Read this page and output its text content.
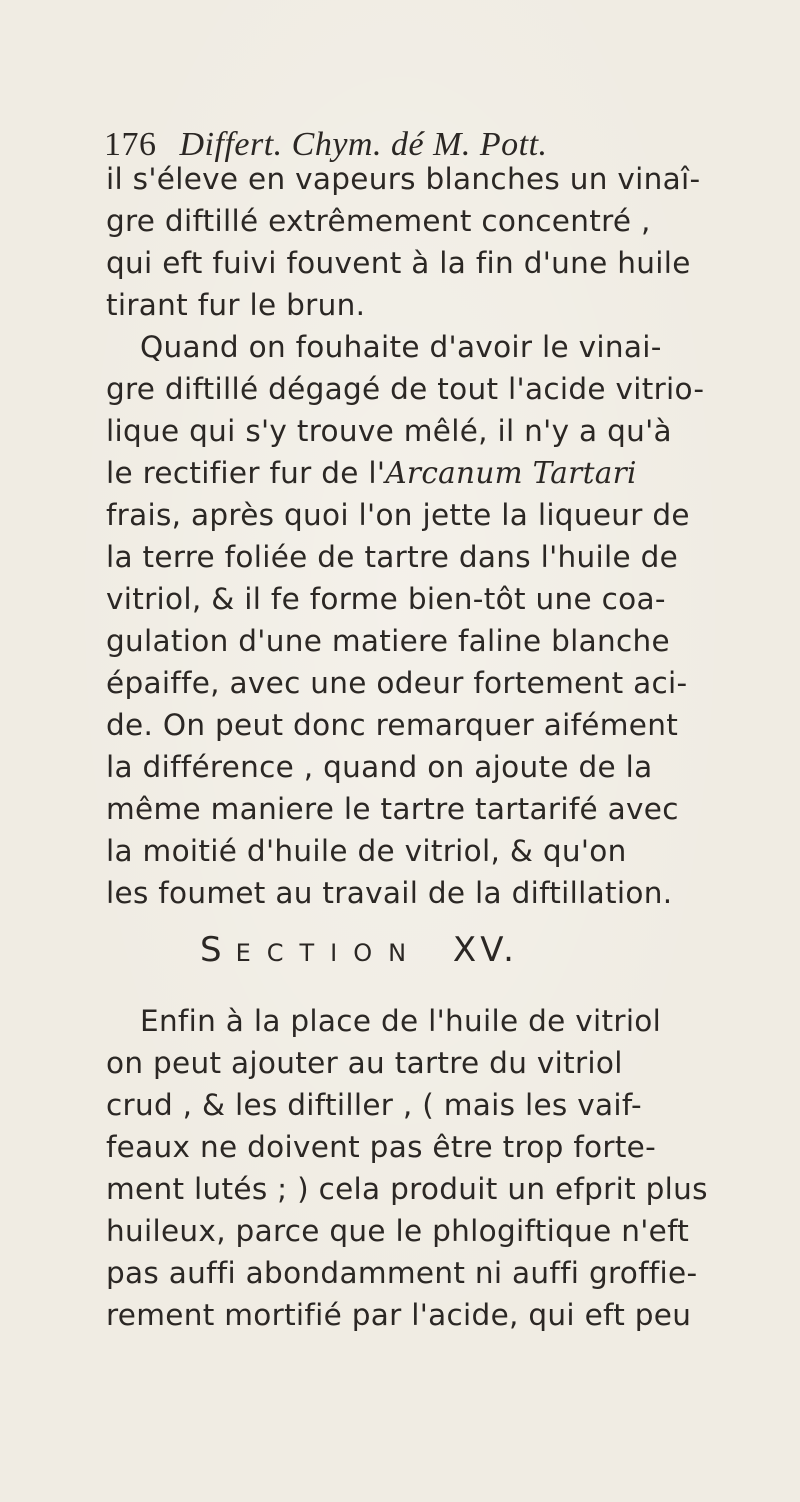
176 Differt. Chym. dé M. Pott.
il s'éleve en vapeurs blanches un vinaî-
gre diftillé extrêmement concentré ,
qui eft fuivi fouvent à la fin d'une huile
tirant fur le brun.
Quand on fouhaite d'avoir le vinai-
gre diftillé dégagé de tout l'acide vitrio-
lique qui s'y trouve mêlé, il n'y a qu'à
le rectifier fur de l'Arcanum Tartari
frais, après quoi l'on jette la liqueur de
la terre foliée de tartre dans l'huile de
vitriol, & il fe forme bien-tôt une coa-
gulation d'une matiere faline blanche
épaiffe, avec une odeur fortement aci-
de. On peut donc remarquer aifément
la différence , quand on ajoute de la
même maniere le tartre tartarifé avec
SECTION XV.
Enfin à la place de l'huile de vitriol
on peut ajouter au tartre du vitriol
crud , & les diftiller , ( mais les vaif-
feaux ne doivent pas être trop forte-
ment lutés ; ) cela produit un efprit plus
huileux, parce que le phlogiftique n'eft
pas auffi abondamment ni auffi groffie-
rement mortifié par l'acide, qui eft peu
la moitié d'huile de vitriol, & qu'on
les foumet au travail de la diftillation.
